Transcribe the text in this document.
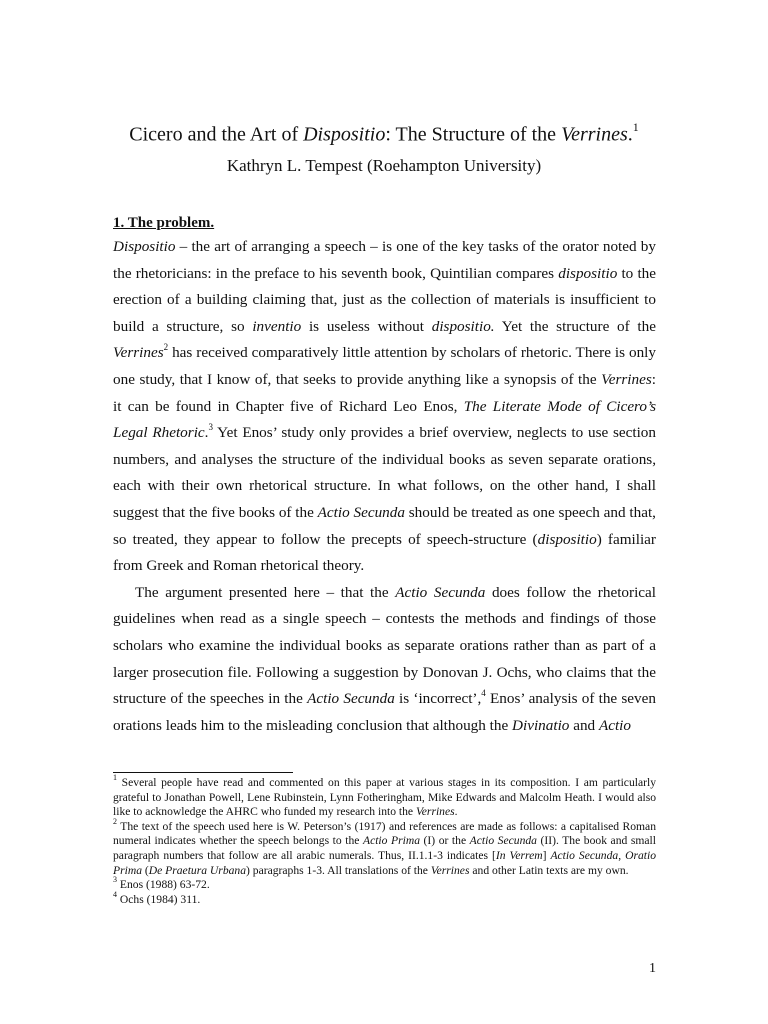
Cicero and the Art of Dispositio: The Structure of the Verrines.$^1$
Kathryn L. Tempest (Roehampton University)
1. The problem.

Dispositio – the art of arranging a speech – is one of the key tasks of the orator noted by the rhetoricians: in the preface to his seventh book, Quintilian compares dispositio to the erection of a building claiming that, just as the collection of materials is insufficient to build a structure, so inventio is useless without dispositio. Yet the structure of the Verrines$^2$ has received comparatively little attention by scholars of rhetoric. There is only one study, that I know of, that seeks to provide anything like a synopsis of the Verrines: it can be found in Chapter five of Richard Leo Enos, The Literate Mode of Cicero’s Legal Rhetoric.$^3$ Yet Enos’ study only provides a brief overview, neglects to use section numbers, and analyses the structure of the individual books as seven separate orations, each with their own rhetorical structure. In what follows, on the other hand, I shall suggest that the five books of the Actio Secunda should be treated as one speech and that, so treated, they appear to follow the precepts of speech-structure (dispositio) familiar from Greek and Roman rhetorical theory.

The argument presented here – that the Actio Secunda does follow the rhetorical guidelines when read as a single speech – contests the methods and findings of those scholars who examine the individual books as separate orations rather than as part of a larger prosecution file. Following a suggestion by Donovan J. Ochs, who claims that the structure of the speeches in the Actio Secunda is ‘incorrect’,$^4$ Enos’ analysis of the seven orations leads him to the misleading conclusion that although the Divinatio and Actio

$^1$ Several people have read and commented on this paper at various stages in its composition. I am particularly grateful to Jonathan Powell, Lene Rubinstein, Lynn Fotheringham, Mike Edwards and Malcolm Heath. I would also like to acknowledge the AHRC who funded my research into the Verrines.

$^2$ The text of the speech used here is W. Peterson’s (1917) and references are made as follows: a capitalised Roman numeral indicates whether the speech belongs to the Actio Prima (I) or the Actio Secunda (II). The book and small paragraph numbers that follow are all arabic numerals. Thus, II.1.1-3 indicates [In Verrem] Actio Secunda, Oratio Prima (De Praetura Urbana) paragraphs 1-3. All translations of the Verrines and other Latin texts are my own.

$^3$ Enos (1988) 63-72.

$^4$ Ochs (1984) 311.

1
